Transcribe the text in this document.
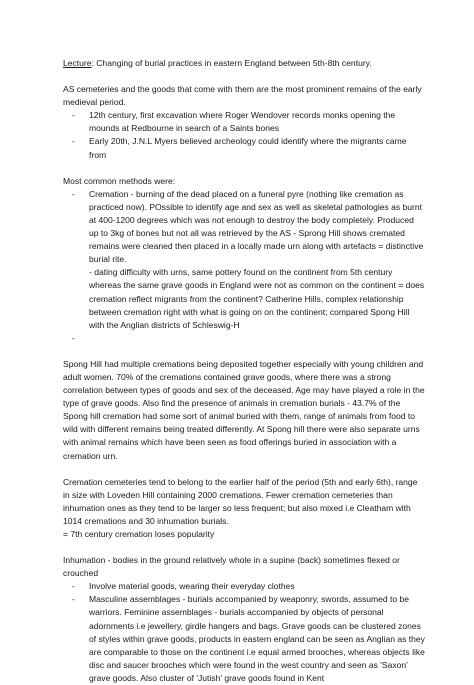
Lecture: Changing of burial practices in eastern England between 5th-8th century.

AS cemeteries and the goods that come with them are the most prominent remains of the early medieval period.

- 12th century, first excavation where Roger Wendover records monks opening the mounds at Redbourne in search of a Saints bones
- Early 20th, J.N.L Myers believed archeology could identify where the migrants came from

Most common methods were:

- Cremation - burning of the dead placed on a funeral pyre (nothing like cremation as practiced now). POssible to identify age and sex as well as skeletal pathologies as burnt at 400-1200 degrees which was not enough to destroy the body completely. Produced up to 3kg of bones but not all was retrieved by the AS - Sprong Hill shows cremated remains were cleaned then placed in a locally made urn along with artefacts = distinctive burial rite.
- dating difficulty with urns, same pottery found on the continent from 5th century whereas the same grave goods in England were not as common on the continent = does cremation reflect migrants from the continent? Catherine Hills, complex relationship between cremation right with what is going on on the continent; compared Spong Hill with the Anglian districts of Schleswig-H
-

Spong Hill had multiple cremations being deposited together especially with young children and adult women. 70% of the cremations contained grave goods, where there was a strong correlation between types of goods and sex of the deceased. Age may have played a role in the type of grave goods. Also find the presence of animals in cremation burials - 43.7% of the Spong hill cremation had some sort of animal buried with them, range of animals from food to wild with different remains being treated differently. At Spong hill there were also separate urns with animal remains which have been seen as food offerings buried in association with a cremation urn.

Cremation cemeteries tend to belong to the earlier half of the period (5th and early 6th), range in size with Loveden Hill containing 2000 cremations. Fewer cremation cemeteries than inhumation ones as they tend to be larger so less frequent; but also mixed i.e Cleatham with 1014 cremations and 30 inhumation burials.

= 7th century cremation loses popularity

Inhumation - bodies in the ground relatively whole in a supine (back) sometimes flexed or crouched

- Involve material goods, wearing their everyday clothes
- Masculine assemblages - burials accompanied by weaponry, swords, assumed to be warriors. Feminine assemblages - burials accompanied by objects of personal adornments i.e jewellery, girdle hangers and bags. Grave goods can be clustered zones of styles within grave goods, products in eastern england can be seen as Anglian as they are comparable to those on the continent i.e equal armed brooches, whereas objects like disc and saucer brooches which were found in the west country and seen as 'Saxon' grave goods. Also cluster of 'Jutish' grave goods found in Kent
